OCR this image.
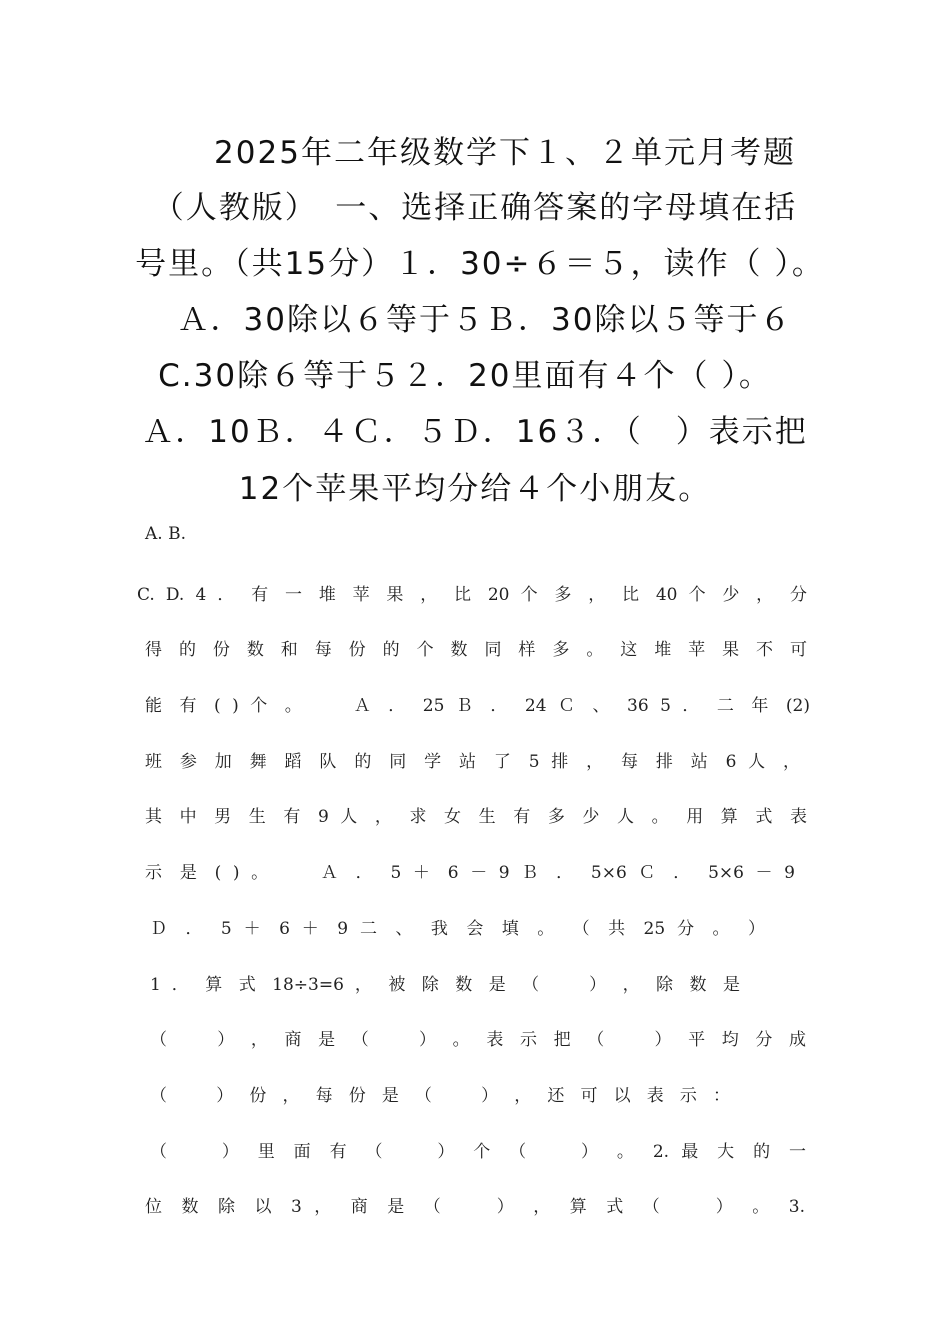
2025年二年级数学下１、２单元月考题
（人教版）　一、选择正确答案的字母填在括
号里。（共15分）１．30÷６＝５，读作（ ）。
Ａ．30除以６等于５Ｂ．30除以５等于６
C.30除６等于５２．20里面有４个（ ）。
Ａ．10Ｂ．４Ｃ．５Ｄ．16３．（　）表示把
12个苹果平均分给４个小朋友。
A. B.
C. D. 4 ． 有 一 堆 苹 果 ， 比 20 个 多 ， 比 40 个 少 ， 分
得 的 份 数 和 每 份 的 个 数 同 样 多 。 这 堆 苹 果 不 可
能 有 ( ) 个 。 　 Ａ ． 25 Ｂ ． 24 Ｃ 、 36 5 ． 二 年 (2)
班 参 加 舞 蹈 队 的 同 学 站 了 5 排 ， 每 排 站 6 人 ，
其 中 男 生 有 9 人 ， 求 女 生 有 多 少 人 。 用 算 式 表
示 是 ( ) 。 　 Ａ ． 5 ＋ 6 － 9 Ｂ ． 5×6 Ｃ ． 5×6 － 9
Ｄ ． 5 ＋ 6 ＋ 9 二 、 我 会 填 。 （ 共 25 分 。 ）
1 ． 算 式 18÷3=6 ， 被 除 数 是 （ 　 ） ， 除 数 是
（ 　 ） ， 商 是 （ 　 ） 。 表 示 把 （ 　 ） 平 均 分 成
（ 　 ） 份 ， 每 份 是 （ 　 ） ， 还 可 以 表 示 ：
（ 　 ） 里 面 有 （ 　 ） 个 （ 　 ） 。 2. 最 大 的 一
位 数 除 以 3 ， 商 是 （ 　 ） ， 算 式 （ 　 ） 。 3.
